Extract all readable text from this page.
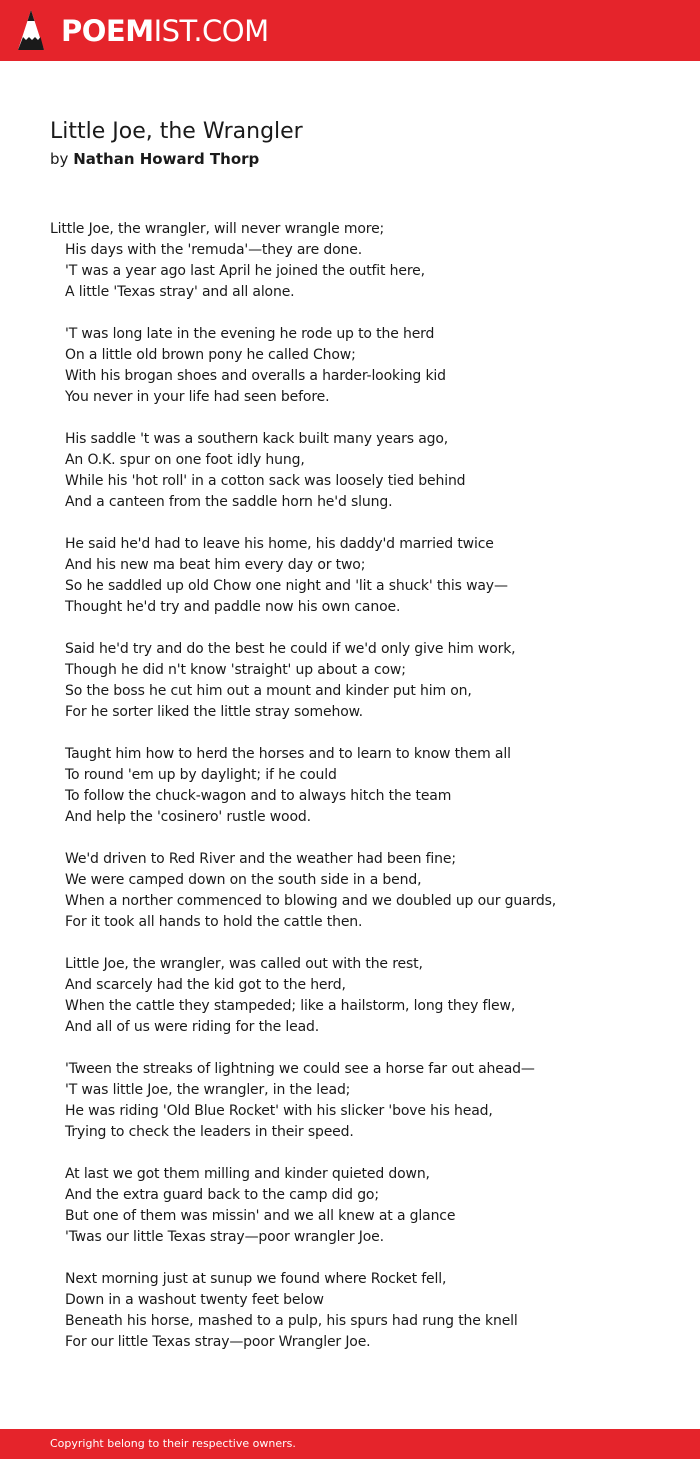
POEMIST.COM
Little Joe, the Wrangler
by Nathan Howard Thorp
Little Joe, the wrangler, will never wrangle more;
His days with the 'remuda'—they are done.
'T was a year ago last April he joined the outfit here,
A little 'Texas stray' and all alone.
'T was long late in the evening he rode up to the herd
On a little old brown pony he called Chow;
With his brogan shoes and overalls a harder-looking kid
You never in your life had seen before.
His saddle 't was a southern kack built many years ago,
An O.K. spur on one foot idly hung,
While his 'hot roll' in a cotton sack was loosely tied behind
And a canteen from the saddle horn he'd slung.
He said he'd had to leave his home, his daddy'd married twice
And his new ma beat him every day or two;
So he saddled up old Chow one night and 'lit a shuck' this way—
Thought he'd try and paddle now his own canoe.
Said he'd try and do the best he could if we'd only give him work,
Though he did n't know 'straight' up about a cow;
So the boss he cut him out a mount and kinder put him on,
For he sorter liked the little stray somehow.
Taught him how to herd the horses and to learn to know them all
To round 'em up by daylight; if he could
To follow the chuck-wagon and to always hitch the team
And help the 'cosinero' rustle wood.
We'd driven to Red River and the weather had been fine;
We were camped down on the south side in a bend,
When a norther commenced to blowing and we doubled up our guards,
For it took all hands to hold the cattle then.
Little Joe, the wrangler, was called out with the rest,
And scarcely had the kid got to the herd,
When the cattle they stampeded; like a hailstorm, long they flew,
And all of us were riding for the lead.
'Tween the streaks of lightning we could see a horse far out ahead—
'T was little Joe, the wrangler, in the lead;
He was riding 'Old Blue Rocket' with his slicker 'bove his head,
Trying to check the leaders in their speed.
At last we got them milling and kinder quieted down,
And the extra guard back to the camp did go;
But one of them was missin' and we all knew at a glance
'Twas our little Texas stray—poor wrangler Joe.
Next morning just at sunup we found where Rocket fell,
Down in a washout twenty feet below
Beneath his horse, mashed to a pulp, his spurs had rung the knell
For our little Texas stray—poor Wrangler Joe.
Copyright belong to their respective owners.
